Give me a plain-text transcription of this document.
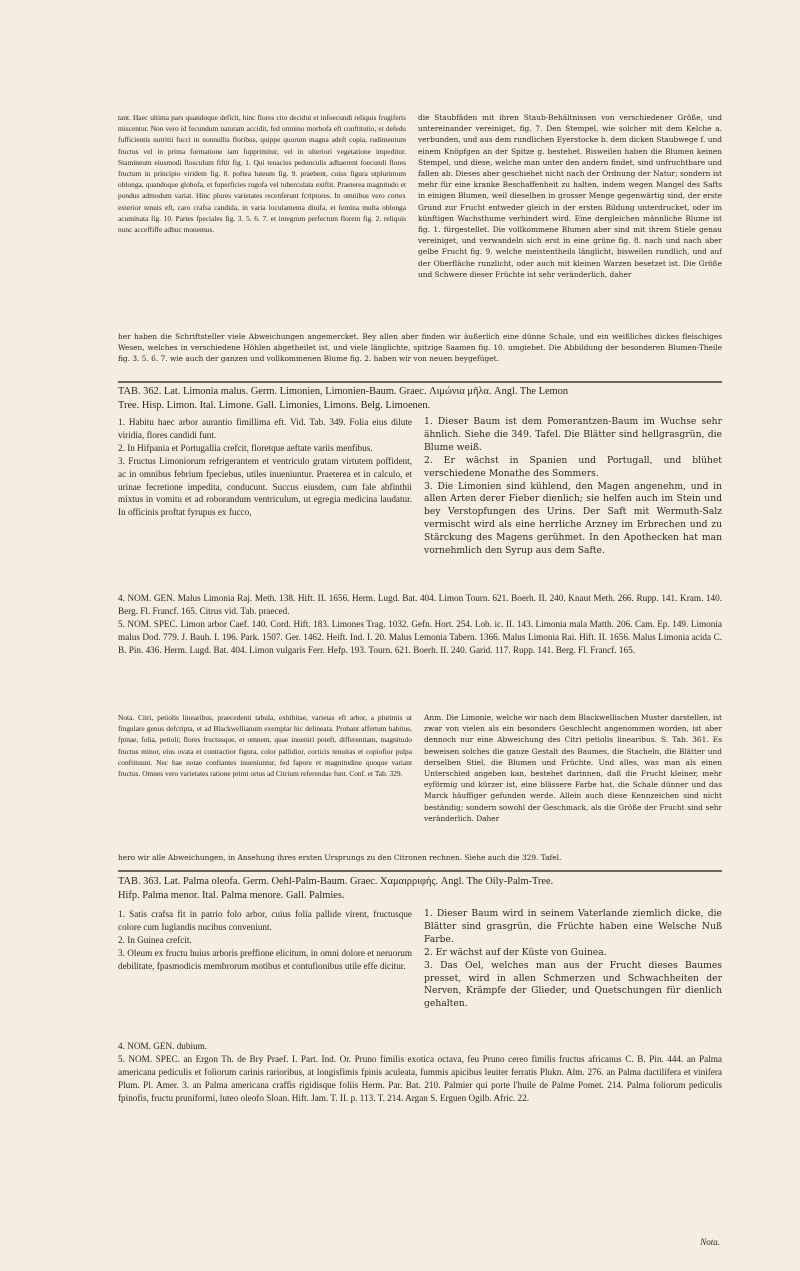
tant. Haec ultima pars quandoque deficit, hinc flores cito decidui et infoecundi reliquis frugiferis miscentur. Non vero id fecundum naturam accidit, fed omnino morbofa eft conftitutio, et defedu fufficientis nutritii fucci in nonnullis floribus, quippe quorum magna adeft copia, rudimentum fructus vel in prima formatione iam fupprimitur, vel in ulteriori vegetatione impeditur. Stamineum eiusmodi flosculum fiftit fig. 1. Qui tenacius pedunculis adhaerent foecundi flores fructum in principio viridem fig. 8. poftea luteum fig. 9. praebent, cuius figura utplurimum oblonga, quandoque globofa, et fuperficies rugofa vel tuberculata exiftit. Praeterea magnitudo et pondus admodum variat. Hinc plures varietates recenferunt fcriptores. In omnibus vero cortex exterior tenuis eft, caro crafsa candida, in varia loculamenta diuifa, et femina multa oblonga acuminata fig. 10. Partes fpeciales fig. 3. 5. 6. 7. et integrum perfectum florem fig. 2. reliquis nunc acceffiffe adhuc monemus.

die Staubfäden mit ihren Staub-Behältnissen von verschiedener Größe, und untereinander vereiniget, fig. 7. Den Stempel, wie solcher mit dem Kelche a. verbunden, und aus dem rundlichen Eyerstocke b. dem dicken Staubwege f. und einem Knöpfgen an der Spitze g. bestehet. Bisweilen haben die Blumen keinen Stempel, und diese, welche man unter den andern findet, sind unfruchtbare und fallen ab. Dieses aber geschiehet nicht nach der Ordnung der Natur; sondern ist mehr für eine kranke Beschaffenheit zu halten, indem wegen Mangel des Safts in einigen Blumen, weil dieselben in grosser Menge gegenwärtig sind, der erste Grund zur Frucht entweder gleich in der ersten Bildung unterdrucket, oder im künftigen Wachsthume verhindert wird. Eine dergleichen männliche Blume ist fig. 1. fürgestellet. Die vollkommene Blumen aber sind mit ihrem Stiele genau vereiniget, und verwandeln sich erst in eine grüne fig. 8. nach und nach aber gelbe Frucht fig. 9. welche meistentheils länglicht, bisweilen rundlich, und auf der Oberfläche runzlicht, oder auch mit kleinen Warzen besetzet ist. Die Größe und Schwere dieser Früchte ist sehr veränderlich, daher

her haben die Schriftsteller viele Abweichungen angemercket. Bey allen aber finden wir äußerlich eine dünne Schale, und ein weißliches dickes fleischiges Wesen, welches in verschiedene Höhlen abgetheilet ist, und viele länglichte, spitzige Saamen fig. 10. umgiebet. Die Abbildung der besonderen Blumen-Theile fig. 3. 5. 6. 7. wie auch der ganzen und vollkommenen Blume fig. 2. haben wir von neuen beygefüget.

TAB. 362. Lat. Limonia malus. Germ. Limonien, Limonien-Baum. Graec. Λιμώνια μῆλα. Angl. The Lemon
Tree. Hisp. Limon. Ital. Limone. Gall. Limonies, Limons. Belg. Limoenen.

1. Habitu haec arbor aurantio fimillima eft. Vid. Tab. 349. Folia eius dilute viridia, flores candidi funt.

2. In Hifpania et Portugallia crefcit, floretque aeftate variis menfibus.

3. Fructus Limoniorum refrigerantem et ventriculo gratam virtutem poffident, ac in omnibus febrium fpeciebus, utiles inueniuntur. Praeterea et in calculo, et urinae fecretione impedita, conducunt. Succus eiusdem, cum fale abfinthii mixtus in vomitu et ad roborandum ventriculum, ut egregia medicina laudatur. In officinis proftat fyrupus ex fucco,

1. Dieser Baum ist dem Pomerantzen-Baum im Wuchse sehr ähnlich. Siehe die 349. Tafel. Die Blätter sind hellgrasgrün, die Blume weiß.

2. Er wächst in Spanien und Portugall, und blühet verschiedene Monathe des Sommers.

3. Die Limonien sind kühlend, den Magen angenehm, und in allen Arten derer Fieber dienlich; sie helfen auch im Stein und bey Verstopfungen des Urins. Der Saft mit Wermuth-Salz vermischt wird als eine herrliche Arzney im Erbrechen und zu Stärckung des Magens gerühmet. In den Apothecken hat man vornehmlich den Syrup aus dem Safte.

4. NOM. GEN. Malus Limonia Raj. Meth. 138. Hift. II. 1656. Herm. Lugd. Bat. 404. Limon Tourn. 621. Boerh. II. 240. Knaut Meth. 266. Rupp. 141. Kram. 140. Berg. Fl. Francf. 165. Citrus vid. Tab. praeced.

5. NOM. SPEC. Limon arbor Caef. 140. Cord. Hift. 183. Limones Trag. 1032. Gefn. Hort. 254. Lob. ic. II. 143. Limonia mala Matth. 206. Cam. Ep. 149. Limonia malus Dod. 779. J. Bauh. I. 196. Park. 1507. Ger. 1462. Heift. Ind. I. 20. Malus Lemonia Tabern. 1366. Malus Limonia Rai. Hift. II. 1656. Malus Limonia acida C. B. Pin. 436. Herm. Lugd. Bat. 404. Limon vulgaris Ferr. Hefp. 193. Tourn. 621. Boerh. II. 240. Garid. 117. Rupp. 141. Berg. Fl. Francf. 165.

Nota. Citri, petiolis linearibus, praecedenti tabula, exhibitae, varietas eft arbor, a plurimis ut fingulare genus defcripta, et ad Blackwellianum exemplar hic delineata. Probant affertum habitus, fpinae, folia, petioli; flores fructusque, et omnem, quae inueniri poteft, differentiam, magnitudo fructus minor, eius ovata et contractior figura, color pallidior, corticis tenuitas et copiofior pulpa conftituunt. Nec hae notae conftantes inueniuntur, fed fapore et magnitudine quoque variant fructus. Omnes vero varietates ratione primi ortus ad Citrium referendae funt. Conf. et Tab. 329.

Anm. Die Limonie, welche wir nach dem Blackwellischen Muster darstellen, ist zwar von vielen als ein besonders Geschlecht angenommen worden, ist aber dennoch nur eine Abweichung des Citri petiolis linearibus. S. Tab. 361. Es beweisen solches die ganze Gestalt des Baumes, die Stacheln, die Blätter und derselben Stiel, die Blumen und Früchte. Und alles, was man als einen Unterschied angeben kan, bestehet darinnen, daß die Frucht kleiner, mehr eyförmig und kürzer ist, eine blässere Farbe hat, die Schale dünner und das Marck häuffiger gefunden werde. Allein auch diese Kennzeichen sind nicht beständig; sondern sowohl der Geschmack, als die Größe der Frucht sind sehr veränderlich. Daher

hero wir alle Abweichungen, in Ansehung ihres ersten Ursprungs zu den Citronen rechnen. Siehe auch die 329. Tafel.

TAB. 363. Lat. Palma oleofa. Germ. Oehl-Palm-Baum. Graec. Χαμαιρριφής. Angl. The Oily-Palm-Tree.
Hifp. Palma menor. Ital. Palma menore. Gall. Palmies.

1. Satis crafsa fit in patrio folo arbor, cuius folia pallide virent, fructusque colore cum Iuglandis nucibus conveniunt.

2. In Guinea crefcit.

3. Oleum ex fructu huius arboris preffione elicitum, in omni dolore et neruorum debilitate, fpasmodicis membrorum motibus et contufionibus utile effe dicitur.

1. Dieser Baum wird in seinem Vaterlande ziemlich dicke, die Blätter sind grasgrün, die Früchte haben eine Welsche Nuß Farbe.

2. Er wächst auf der Küste von Guinea.

3. Das Oel, welches man aus der Frucht dieses Baumes presset, wird in allen Schmerzen und Schwachheiten der Nerven, Krämpfe der Glieder, und Quetschungen für dienlich gehalten.

4. NOM. GEN. dubium.

5. NOM. SPEC. an Ergon Th. de Bry Praef. I. Part. Ind. Or. Pruno fimilis exotica octava, feu Pruno cereo fimilis fructus africanus C. B. Pin. 444. an Palma americana pediculis et foliorum carinis rarioribus, at longisfimis fpinis aculeata, fummis apicibus leuiter ferratis Plukn. Alm. 276. an Palma dactilifera et vinifera Plum. Pl. Amer. 3. an Palma americana craffis rigidisque foliis Herm. Par. Bat. 210. Palmier qui porte l'huile de Palme Pomet. 214. Palma foliorum pediculis fpinofis, fructu pruniformi, luteo oleofo Sloan. Hift. Jam. T. II. p. 113. T. 214. Argan S. Erguen Ogilb. Afric. 22.

Nota.
